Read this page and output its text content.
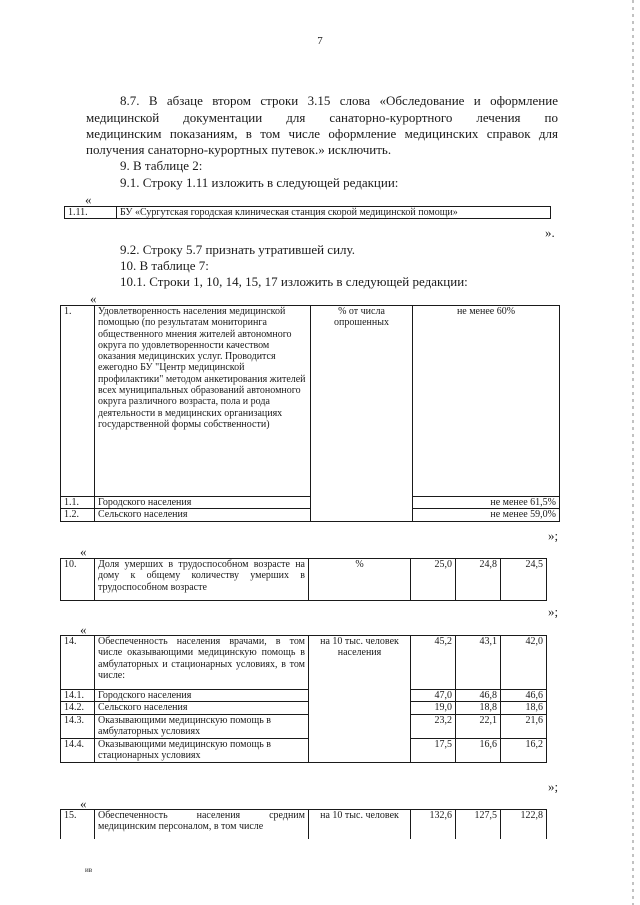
7

8.7. В абзаце втором строки 3.15 слова «Обследование и оформление

медицинской документации для санаторно-курортного лечения по

медицинским показаниям, в том числе оформление медицинских справок для

получения санаторно-курортных путевок.» исключить.

9. В таблице 2:
9.1. Строку 1.11 изложить в следующей редакции:
«
1.11.	БУ «Сургутская городская клиническая станция скорой медицинской помощи»
».
9.2. Строку 5.7 признать утратившей силу.
10. В таблице 7:
10.1. Строки 1, 10, 14, 15, 17 изложить в следующей редакции:
«
1.	Удовлетворенность населения медицинской помощью (по результатам мониторинга общественного мнения жителей автономного округа по удовлетворенности качеством оказания медицинских услуг. Проводится ежегодно БУ "Центр медицинской профилактики" методом анкетирования жителей всех муниципальных образований автономного округа различного возраста, пола и рода деятельности в медицинских организациях государственной формы собственности)	% от числа опрошенных	не менее 60%
1.1.	Городского населения		не менее 61,5%
1.2.	Сельского населения		не менее 59,0%
»;
«
10.	Доля умерших в трудоспособном возрасте на дому к общему количеству умерших в трудоспособном возрасте	%	25,0	24,8	24,5
»;
«
14.	Обеспеченность населения врачами, в том числе оказывающими медицинскую помощь в амбулаторных и стационарных условиях, в том числе:	на 10 тыс. человек населения	45,2	43,1	42,0
14.1.	Городского населения		47,0	46,8	46,6
14.2.	Сельского населения		19,0	18,8	18,6
14.3.	Оказывающими медицинскую помощь в амбулаторных условиях		23,2	22,1	21,6
14.4.	Оказывающими медицинскую помощь в стационарных условиях		17,5	16,6	16,2
»;
«
15.	Обеспеченность населения средним медицинским персоналом, в том числе	на 10 тыс. человек	132,6	127,5	122,8
ив
